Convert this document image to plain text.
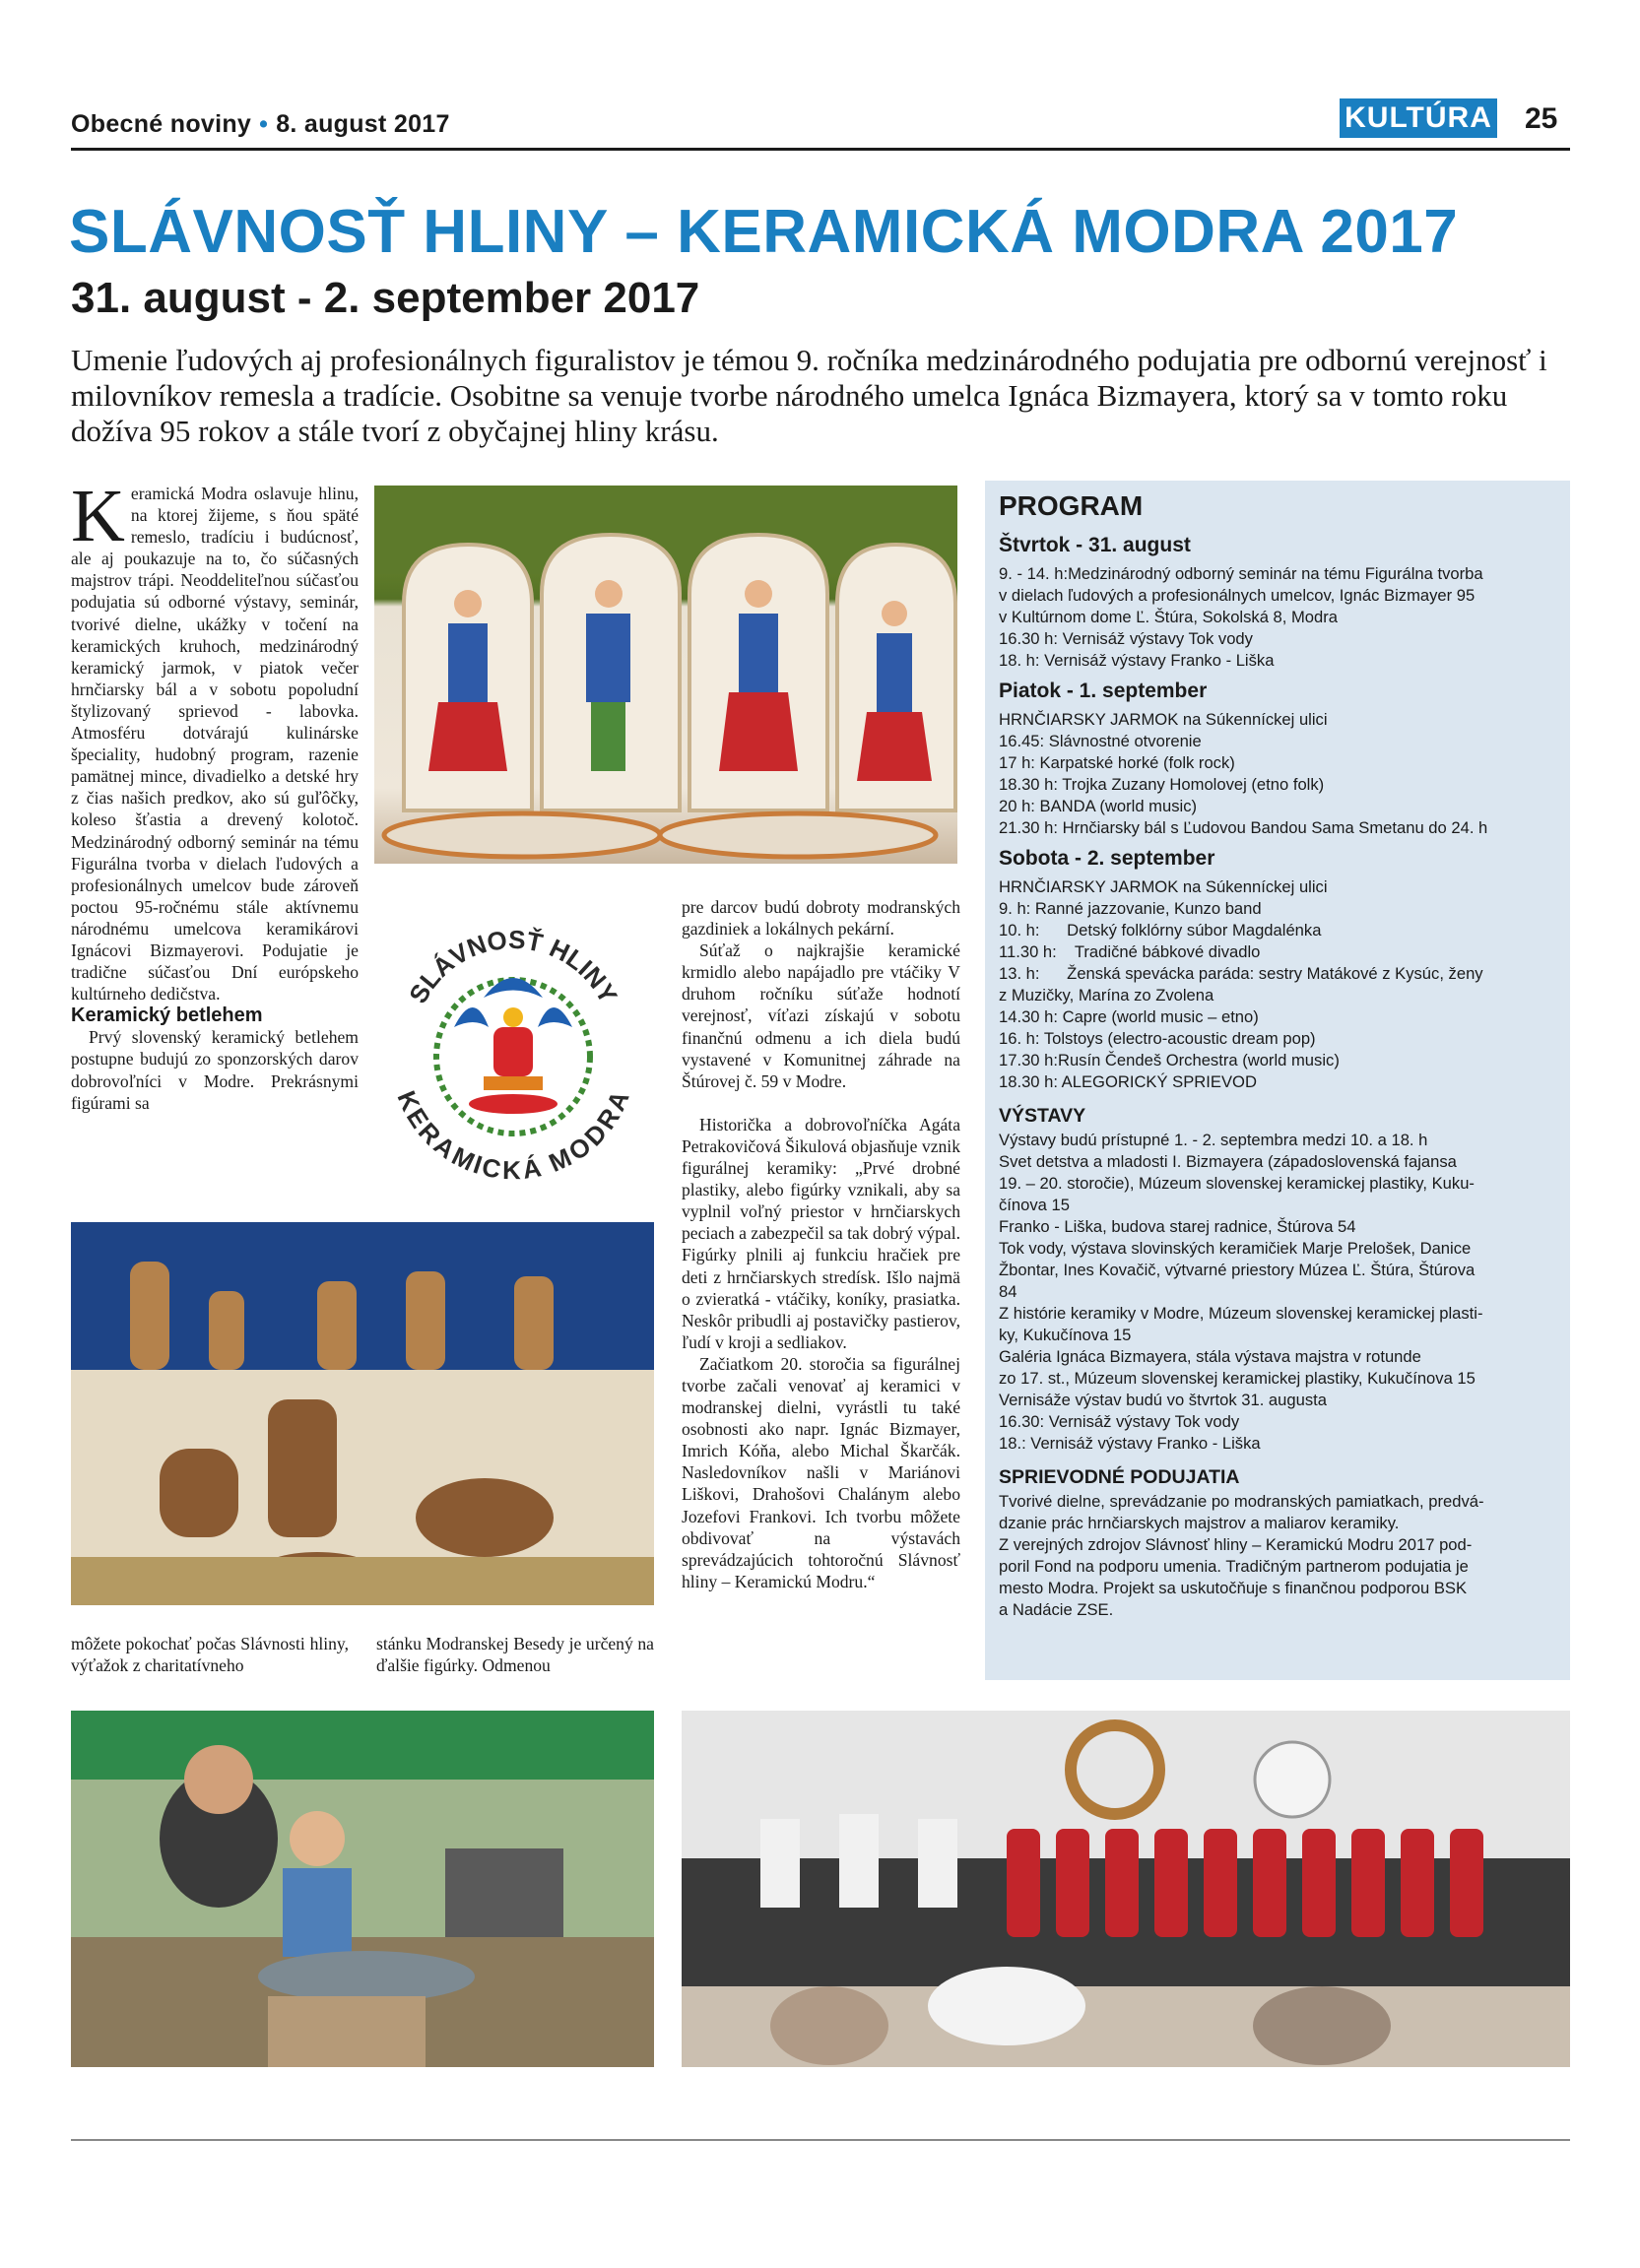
Obecné noviny • 8. august 2017	KULTÚRA 25
SLÁVNOSŤ HLINY – KERAMICKÁ MODRA 2017
31. august - 2. september 2017
Umenie ľudových aj profesionálnych figuralistov je témou 9. ročníka medzinárodného podujatia pre odbornú verejnosť i milovníkov remesla a tradície. Osobitne sa venuje tvorbe národného umelca Ignáca Bizmayera, ktorý sa v tomto roku dožíva 95 rokov a stále tvorí z obyčajnej hliny krásu.

Keramická Modra oslavuje hlinu, na ktorej žijeme, s ňou späté remeslo, tradíciu i budúcnosť, ale aj poukazuje na to, čo súčasných majstrov trápi. Neoddeliteľnou súčasťou podujatia sú odborné výstavy, seminár, tvorivé dielne, ukážky v točení na keramických kruhoch, medzinárodný keramický jarmok, v piatok večer hrnčiarsky bál a v sobotu popoludní štylizovaný sprievod - labovka. Atmosféru dotvárajú kulinárske špeciality, hudobný program, razenie pamätnej mince, divadielko a detské hry z čias našich predkov, ako sú guľôčky, koleso šťastia a drevený kolotoč. Medzinárodný odborný seminár na tému Figurálna tvorba v dielach ľudových a profesionálnych umelcov bude zároveň poctou 95-ročnému stále aktívnemu národnému umelcova keramikárovi Ignácovi Bizmayerovi. Podujatie je tradične súčasťou Dní európskeho kultúrneho dedičstva.

Keramický betlehem

Prvý slovenský keramický betlehem postupne budujú zo sponzorských darov dobrovoľníci v Modre. Prekrásnymi figúrami sa

SLÁVNOSŤ HLINY
KERAMICKÁ MODRA

pre darcov budú dobroty modranských gazdiniek a lokálnych pekární.

Súťaž o najkrajšie keramické krmidlo alebo napájadlo pre vtáčiky V druhom ročníku súťaže hodnotí verejnosť, víťazi získajú v sobotu finančnú odmenu a ich diela budú vystavené v Komunitnej záhrade na Štúrovej č. 59 v Modre.

Historička a dobrovoľníčka Agáta Petrakovičová Šikulová objasňuje vznik figurálnej keramiky: „Prvé drobné plastiky, alebo figúrky vznikali, aby sa vyplnil voľný priestor v hrnčiarskych peciach a zabezpečil sa tak dobrý výpal. Figúrky plnili aj funkciu hračiek pre deti z hrnčiarskych stredísk. Išlo najmä o zvieratká - vtáčiky, koníky, prasiatka. Neskôr pribudli aj postavičky pastierov, ľudí v kroji a sedliakov.

Začiatkom 20. storočia sa figurálnej tvorbe začali venovať aj keramici v modranskej dielni, vyrástli tu také osobnosti ako napr. Ignác Bizmayer, Imrich Kóňa, alebo Michal Škarčák. Nasledovníkov našli v Mariánovi Liškovi, Drahošovi Chalánym alebo Jozefovi Frankovi. Ich tvorbu môžete obdivovať na výstavách sprevádzajúcich tohtoročnú Slávnosť hliny – Keramickú Modru.“

môžete pokochať počas Slávnosti hliny, výťažok z charitatívneho

stánku Modranskej Besedy je určený na ďalšie figúrky. Odmenou

PROGRAM
Štvrtok - 31. august

9. - 14. h:Medzinárodný odborný seminár na tému Figurálna tvorba

v dielach ľudových a profesionálnych umelcov, Ignác Bizmayer 95

v Kultúrnom dome Ľ. Štúra, Sokolská 8, Modra

16.30 h: Vernisáž výstavy Tok vody

18. h: Vernisáž výstavy Franko - Liška

Piatok - 1. september

HRNČIARSKY JARMOK na Súkenníckej ulici

16.45: Slávnostné otvorenie

17 h: Karpatské horké (folk rock)

18.30 h: Trojka Zuzany Homolovej (etno folk)

20 h: BANDA (world music)

21.30 h: Hrnčiarsky bál s Ľudovou Bandou Sama Smetanu do 24. h

Sobota - 2. september

HRNČIARSKY JARMOK na Súkenníckej ulici

9. h: Ranné jazzovanie, Kunzo band

10. h:      Detský folklórny súbor Magdalénka

11.30 h:    Tradičné bábkové divadlo

13. h:      Ženská spevácka paráda: sestry Matákové z Kysúc, ženy

z Muzičky, Marína zo Zvolena

14.30 h: Capre (world music – etno)

16. h: Tolstoys (electro-acoustic dream pop)

17.30 h:Rusín Čendeš Orchestra (world music)

18.30 h: ALEGORICKÝ SPRIEVOD

VÝSTAVY

Výstavy budú prístupné 1. - 2. septembra medzi 10. a 18. h

Svet detstva a mladosti I. Bizmayera (západoslovenská fajansa

19. – 20. storočie), Múzeum slovenskej keramickej plastiky, Kuku-

čínova 15

Franko - Liška, budova starej radnice, Štúrova 54

Tok vody, výstava slovinských keramičiek Marje Prelošek, Danice

Žbontar, Ines Kovačič, výtvarné priestory Múzea Ľ. Štúra, Štúrova

84

Z histórie keramiky v Modre, Múzeum slovenskej keramickej plasti-

ky, Kukučínova 15

Galéria Ignáca Bizmayera, stála výstava majstra v rotunde

zo 17. st., Múzeum slovenskej keramickej plastiky, Kukučínova 15

Vernisáže výstav budú vo štvrtok 31. augusta

16.30: Vernisáž výstavy Tok vody

18.: Vernisáž výstavy Franko - Liška

SPRIEVODNÉ PODUJATIA

Tvorivé dielne, sprevádzanie po modranských pamiatkach, predvá-

dzanie prác hrnčiarskych majstrov a maliarov keramiky.

Z verejných zdrojov Slávnosť hliny – Keramickú Modru 2017 pod-

poril Fond na podporu umenia. Tradičným partnerom podujatia je

mesto Modra. Projekt sa uskutočňuje s finančnou podporou BSK

a Nadácie ZSE.
